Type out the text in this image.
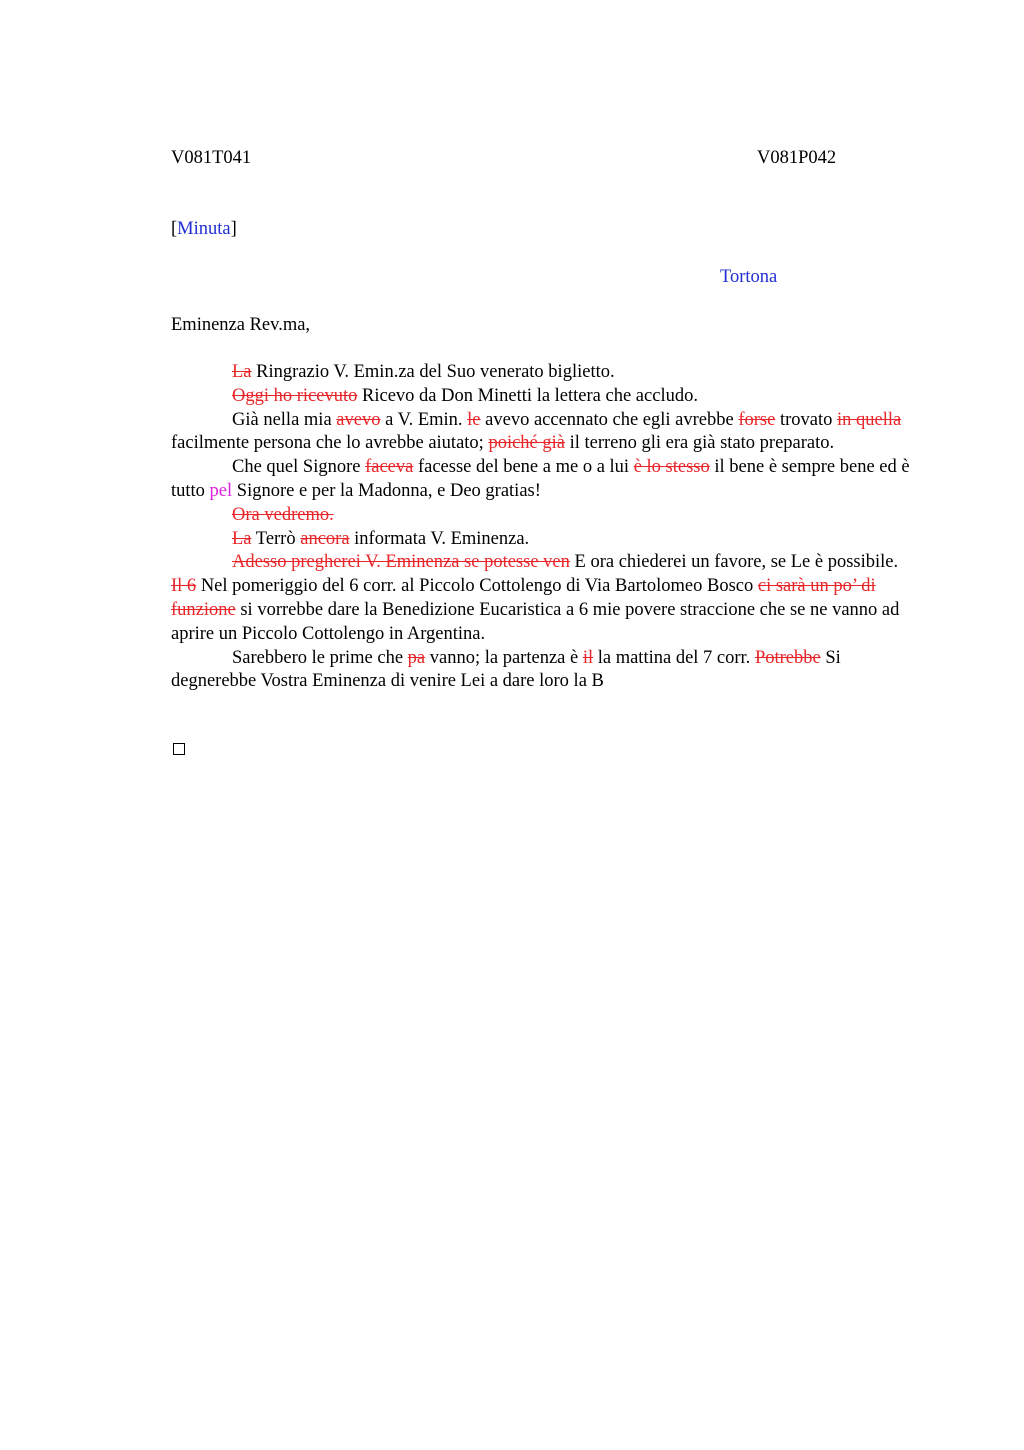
V081T041	V081P042
[Minuta]
Tortona
Eminenza Rev.ma,

La Ringrazio V. Emin.za del Suo venerato biglietto.

Oggi ho ricevuto Ricevo da Don Minetti la lettera che accludo.

Già nella mia avevo a V. Emin. le avevo accennato che egli avrebbe forse trovato in quella facilmente persona che lo avrebbe aiutato; poiché già il terreno gli era già stato preparato.

Che quel Signore faceva facesse del bene a me o a lui è lo stesso il bene è sempre bene ed è tutto pel Signore e per la Madonna, e Deo gratias!

Ora vedremo.

La Terrò ancora informata V. Eminenza.

Adesso pregherei V. Eminenza se potesse ven E ora chiederei un favore, se Le è possibile. Il 6 Nel pomeriggio del 6 corr. al Piccolo Cottolengo di Via Bartolomeo Bosco ci sarà un po’ di funzione si vorrebbe dare la Benedizione Eucaristica a 6 mie povere straccione che se ne vanno ad aprire un Piccolo Cottolengo in Argentina.

Sarebbero le prime che pa vanno; la partenza è il la mattina del 7 corr. Potrebbe Si degnerebbe Vostra Eminenza di venire Lei a dare loro la B
